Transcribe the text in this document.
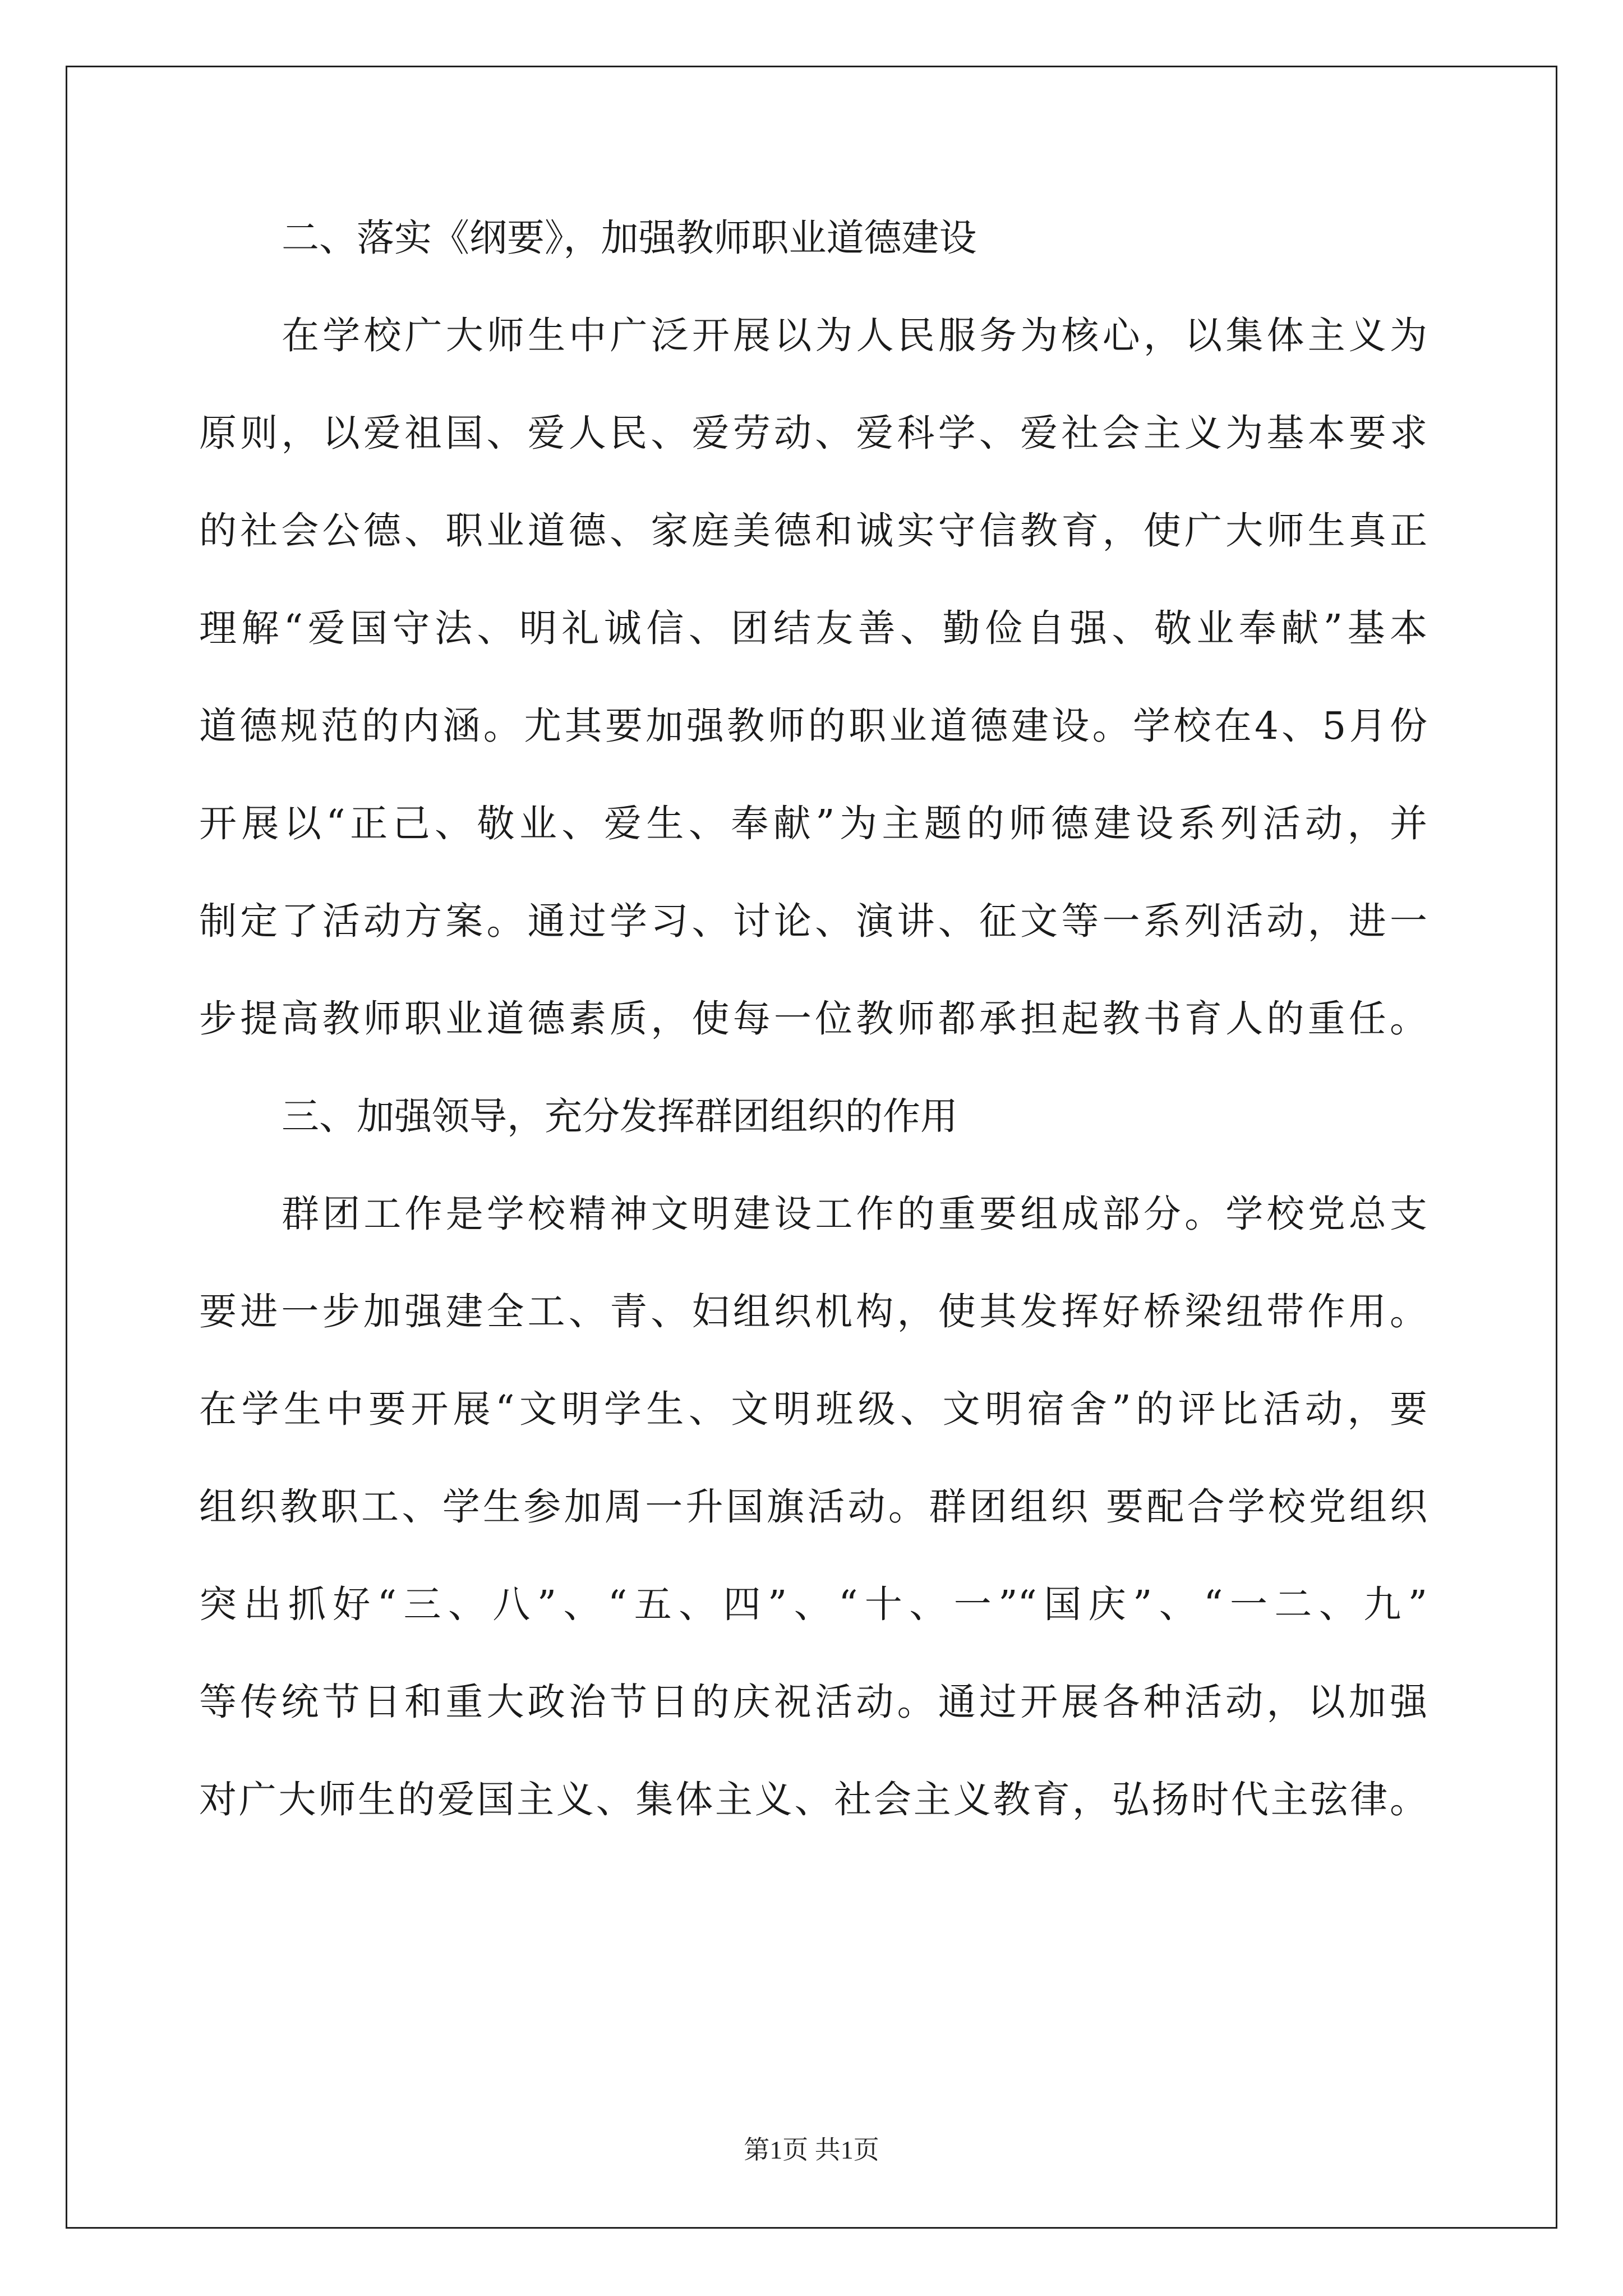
二、落实《纲要》，加强教师职业道德建设
在学校广大师生中广泛开展以为人民服务为核心，以集体主义为
原则，以爱祖国、爱人民、爱劳动、爱科学、爱社会主义为基本要求
的社会公德、职业道德、家庭美德和诚实守信教育，使广大师生真正
理解“爱国守法、明礼诚信、团结友善、勤俭自强、敬业奉献”基本
道德规范的内涵。尤其要加强教师的职业道德建设。学校在4、5月份
开展以“正己、敬业、爱生、奉献”为主题的师德建设系列活动，并
制定了活动方案。通过学习、讨论、演讲、征文等一系列活动，进一
步提高教师职业道德素质，使每一位教师都承担起教书育人的重任。
三、加强领导，充分发挥群团组织的作用
群团工作是学校精神文明建设工作的重要组成部分。学校党总支
要进一步加强建全工、青、妇组织机构，使其发挥好桥梁纽带作用。
在学生中要开展“文明学生、文明班级、文明宿舍”的评比活动，要
组织教职工、学生参加周一升国旗活动。群团组织 要配合学校党组织
突出抓好“三、八”、“五、四”、“十、一”“国庆”、“一二、九”
等传统节日和重大政治节日的庆祝活动。通过开展各种活动，以加强
对广大师生的爱国主义、集体主义、社会主义教育，弘扬时代主弦律。
第1页 共1页
